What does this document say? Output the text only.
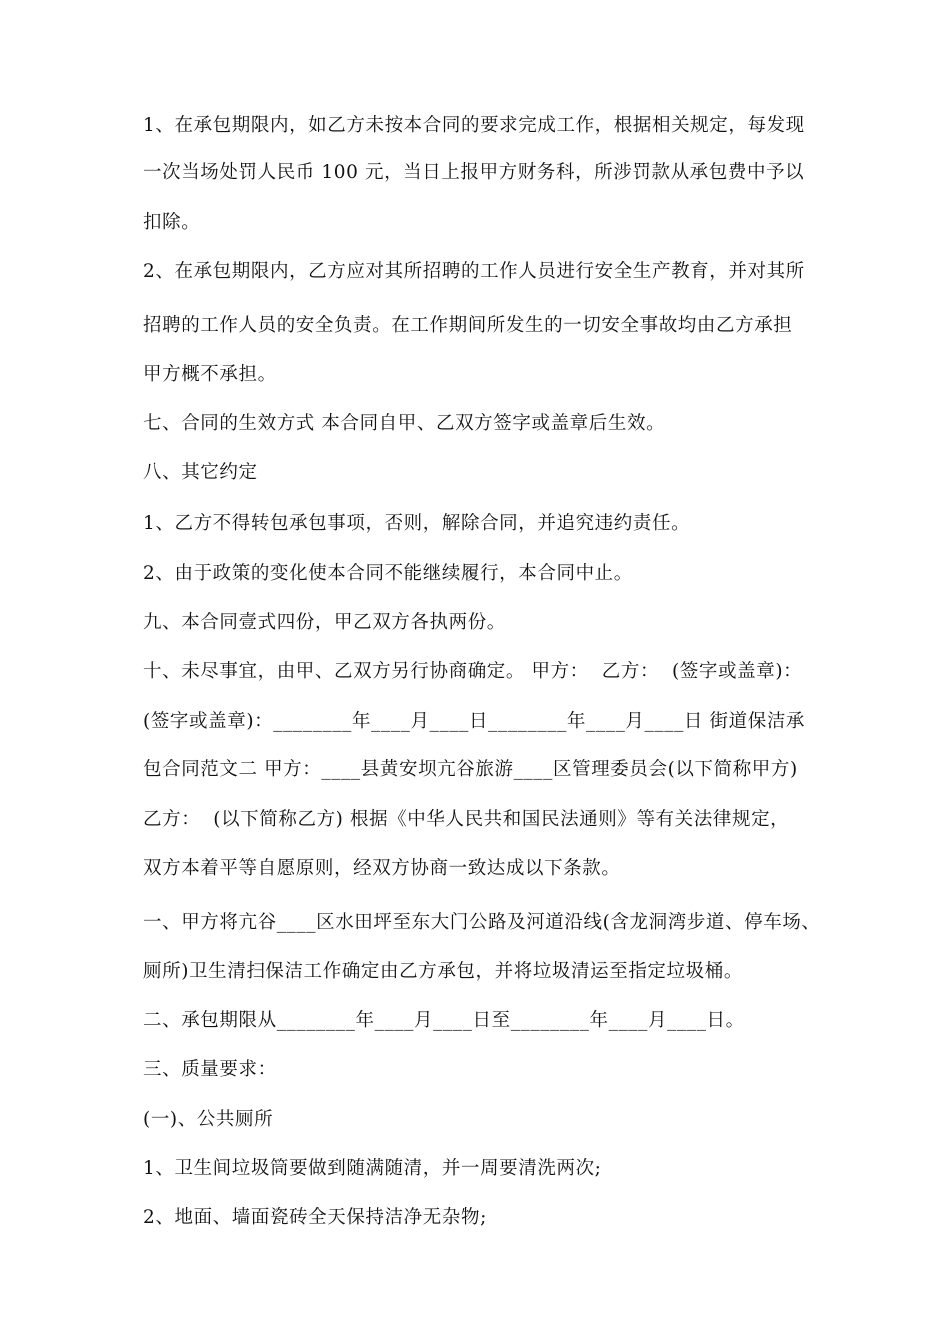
1、在承包期限内，如乙方未按本合同的要求完成工作，根据相关规定，每发现
一次当场处罚人民币 100 元，当日上报甲方财务科，所涉罚款从承包费中予以
扣除。
2、在承包期限内，乙方应对其所招聘的工作人员进行安全生产教育，并对其所
招聘的工作人员的安全负责。在工作期间所发生的一切安全事故均由乙方承担
甲方概不承担。
七、合同的生效方式 本合同自甲、乙双方签字或盖章后生效。
八、其它约定
1、乙方不得转包承包事项，否则，解除合同，并追究违约责任。
2、由于政策的变化使本合同不能继续履行，本合同中止。
九、本合同壹式四份，甲乙双方各执两份。
十、未尽事宜，由甲、乙双方另行协商确定。 甲方：  乙方：  (签字或盖章)：
(签字或盖章)：________年____月____日________年____月____日 街道保洁承
包合同范文二 甲方：____县黄安坝亢谷旅游____区管理委员会(以下简称甲方)
乙方：  (以下简称乙方) 根据《中华人民共和国民法通则》等有关法律规定，
双方本着平等自愿原则，经双方协商一致达成以下条款。
一、甲方将亢谷____区水田坪至东大门公路及河道沿线(含龙洞湾步道、停车场、
厕所)卫生清扫保洁工作确定由乙方承包，并将垃圾清运至指定垃圾桶。
二、承包期限从________年____月____日至________年____月____日。
三、质量要求：
(一)、公共厕所
1、卫生间垃圾筒要做到随满随清，并一周要清洗两次;
2、地面、墙面瓷砖全天保持洁净无杂物;
